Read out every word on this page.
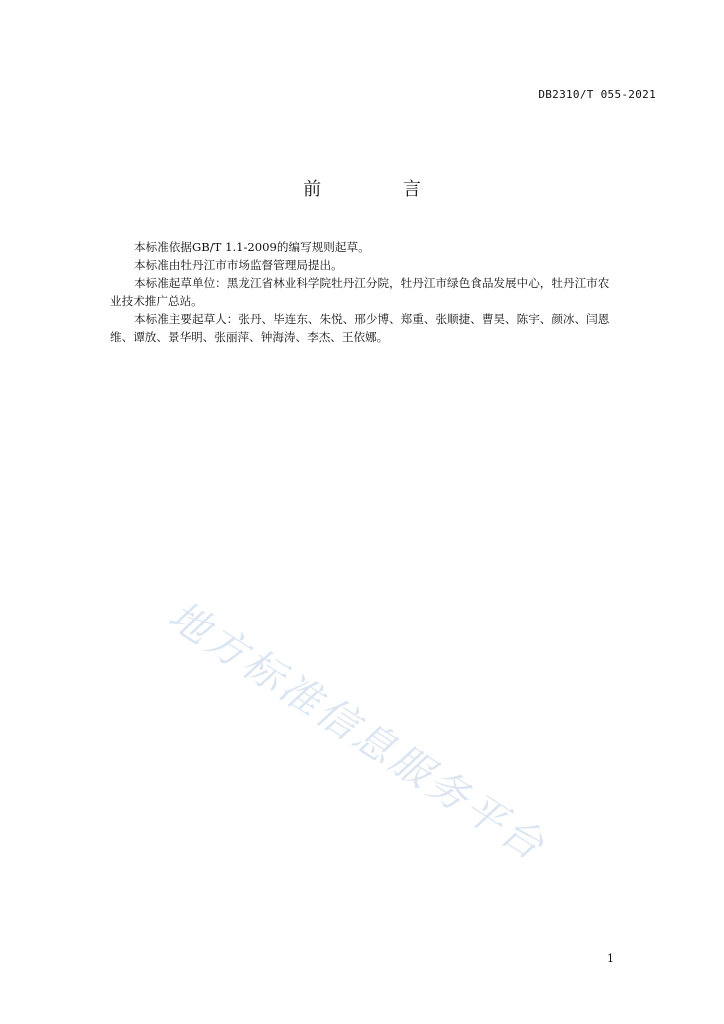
DB2310/T 055-2021
前 言

本标准依据GB/T 1.1-2009的编写规则起草。

本标准由牡丹江市市场监督管理局提出。

本标准起草单位：黑龙江省林业科学院牡丹江分院，牡丹江市绿色食品发展中心，牡丹江市农业技术推广总站。

本标准主要起草人：张丹、毕连东、朱悦、邢少博、郑重、张顺捷、曹昊、陈宇、颜冰、闫恩维、谭放、景华明、张丽萍、钟海涛、李杰、王依娜。

地方标准信息服务平台
1
